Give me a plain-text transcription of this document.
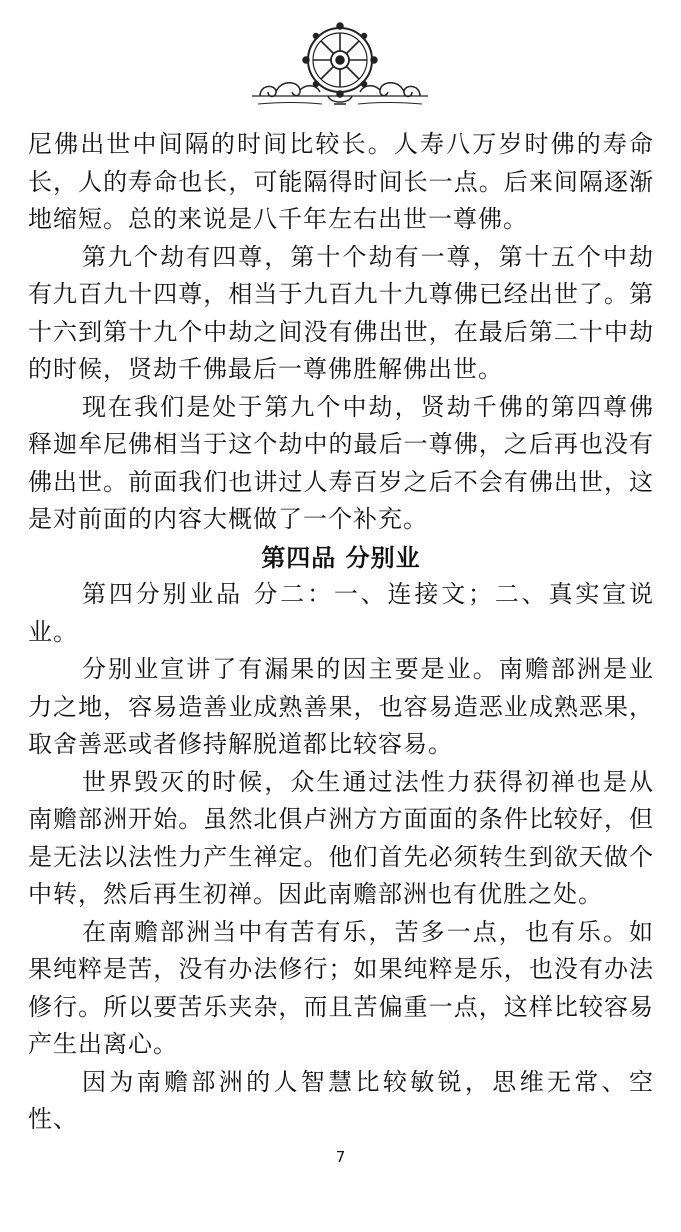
尼佛出世中间隔的时间比较长。人寿八万岁时佛的寿命长，人的寿命也长，可能隔得时间长一点。后来间隔逐渐地缩短。总的来说是八千年左右出世一尊佛。

第九个劫有四尊，第十个劫有一尊，第十五个中劫有九百九十四尊，相当于九百九十九尊佛已经出世了。第十六到第十九个中劫之间没有佛出世，在最后第二十中劫的时候，贤劫千佛最后一尊佛胜解佛出世。

现在我们是处于第九个中劫，贤劫千佛的第四尊佛释迦牟尼佛相当于这个劫中的最后一尊佛，之后再也没有佛出世。前面我们也讲过人寿百岁之后不会有佛出世，这是对前面的内容大概做了一个补充。

第四品 分别业

第四分别业品 分二：一、连接文；二、真实宣说业。

分别业宣讲了有漏果的因主要是业。南赡部洲是业力之地，容易造善业成熟善果，也容易造恶业成熟恶果，取舍善恶或者修持解脱道都比较容易。

世界毁灭的时候，众生通过法性力获得初禅也是从南赡部洲开始。虽然北俱卢洲方方面面的条件比较好，但是无法以法性力产生禅定。他们首先必须转生到欲天做个中转，然后再生初禅。因此南赡部洲也有优胜之处。

在南赡部洲当中有苦有乐，苦多一点，也有乐。如果纯粹是苦，没有办法修行；如果纯粹是乐，也没有办法修行。所以要苦乐夹杂，而且苦偏重一点，这样比较容易产生出离心。

因为南赡部洲的人智慧比较敏锐，思维无常、空性、

7
